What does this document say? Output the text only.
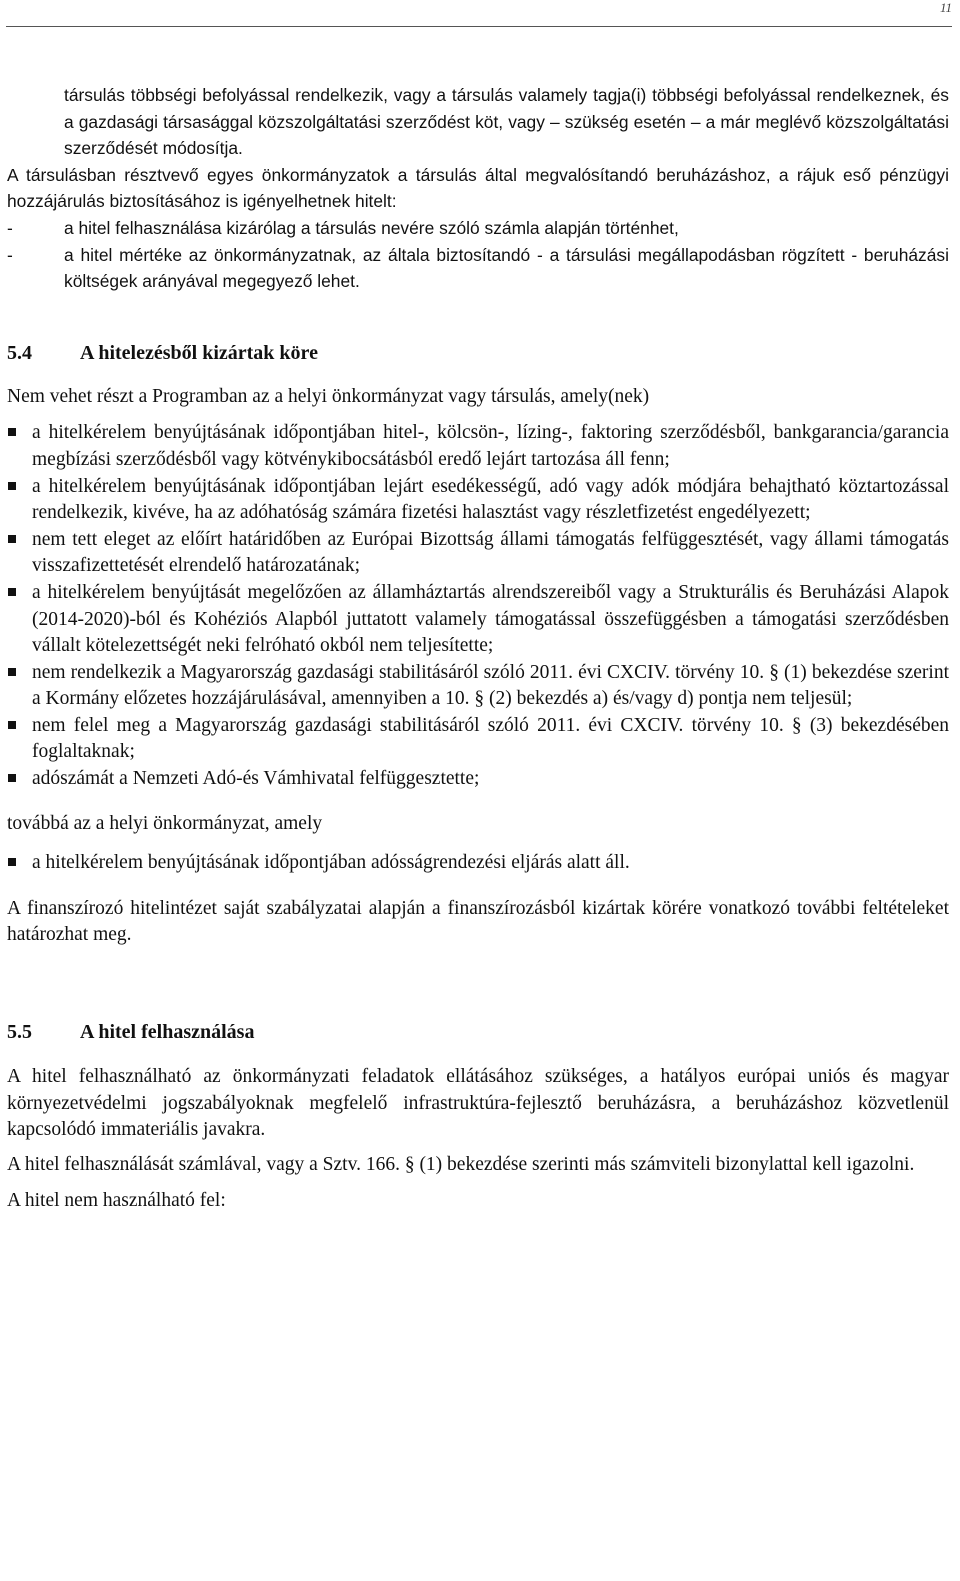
11

társulás többségi befolyással rendelkezik, vagy a társulás valamely tagja(i) többségi befolyással rendelkeznek, és a gazdasági társasággal közszolgáltatási szerződést köt, vagy – szükség esetén – a már meglévő közszolgáltatási szerződését módosítja.

A társulásban résztvevő egyes önkormányzatok a társulás által megvalósítandó beruházáshoz, a rájuk eső pénzügyi hozzájárulás biztosításához is igényelhetnek hitelt:

-	a hitel felhasználása kizárólag a társulás nevére szóló számla alapján történhet,
-	a hitel mértéke az önkormányzatnak, az általa biztosítandó - a társulási megállapodásban rögzített - beruházási költségek arányával megegyező lehet.
5.4	A hitelezésből kizártak köre

Nem vehet részt a Programban az a helyi önkormányzat vagy társulás, amely(nek)

a hitelkérelem benyújtásának időpontjában hitel-, kölcsön-, lízing-, faktoring szerződésből, bankgarancia/garancia megbízási szerződésből vagy kötvénykibocsátásból eredő lejárt tartozása áll fenn;
a hitelkérelem benyújtásának időpontjában lejárt esedékességű, adó vagy adók módjára behajtható köztartozással rendelkezik, kivéve, ha az adóhatóság számára fizetési halasztást vagy részletfizetést engedélyezett;
nem tett eleget az előírt határidőben az Európai Bizottság állami támogatás felfüggesztését, vagy állami támogatás visszafizettetését elrendelő határozatának;
a hitelkérelem benyújtását megelőzően az államháztartás alrendszereiből vagy a Strukturális és Beruházási Alapok (2014-2020)-ból és Kohéziós Alapból juttatott valamely támogatással összefüggésben a támogatási szerződésben vállalt kötelezettségét neki felróható okból nem teljesítette;
nem rendelkezik a Magyarország gazdasági stabilitásáról szóló 2011. évi CXCIV. törvény 10. § (1) bekezdése szerint a Kormány előzetes hozzájárulásával, amennyiben a 10. § (2) bekezdés a) és/vagy d) pontja nem teljesül;
nem felel meg a Magyarország gazdasági stabilitásáról szóló 2011. évi CXCIV. törvény 10. § (3) bekezdésében foglaltaknak;
adószámát a Nemzeti Adó-és Vámhivatal felfüggesztette;

továbbá az a helyi önkormányzat, amely

a hitelkérelem benyújtásának időpontjában adósságrendezési eljárás alatt áll.

A finanszírozó hitelintézet saját szabályzatai alapján a finanszírozásból kizártak körére vonatkozó további feltételeket határozhat meg.

5.5	A hitel felhasználása

A hitel felhasználható az önkormányzati feladatok ellátásához szükséges, a hatályos európai uniós és magyar környezetvédelmi jogszabályoknak megfelelő infrastruktúra-fejlesztő beruházásra, a beruházáshoz közvetlenül kapcsolódó immateriális javakra.

A hitel felhasználását számlával, vagy a Sztv. 166. § (1) bekezdése szerinti más számviteli bizonylattal kell igazolni.

A hitel nem használható fel:
